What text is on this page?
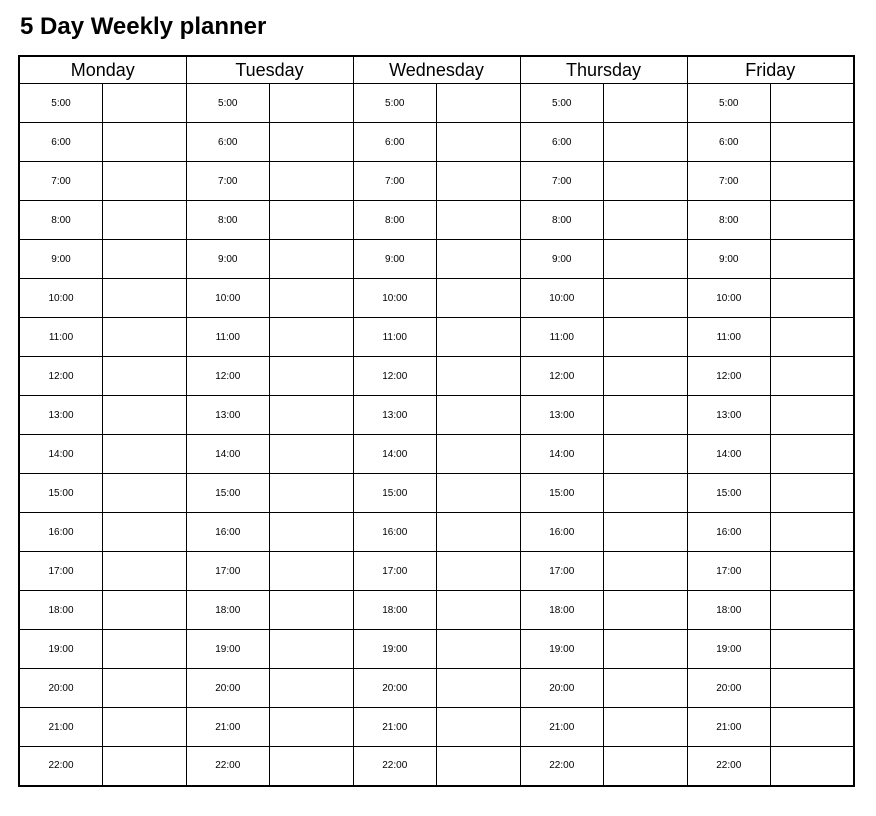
5 Day Weekly planner
Monday		Tuesday		Wednesday		Thursday		Friday	
5:00		5:00		5:00		5:00		5:00	
6:00		6:00		6:00		6:00		6:00	
7:00		7:00		7:00		7:00		7:00	
8:00		8:00		8:00		8:00		8:00	
9:00		9:00		9:00		9:00		9:00	
10:00		10:00		10:00		10:00		10:00	
11:00		11:00		11:00		11:00		11:00	
12:00		12:00		12:00		12:00		12:00	
13:00		13:00		13:00		13:00		13:00	
14:00		14:00		14:00		14:00		14:00	
15:00		15:00		15:00		15:00		15:00	
16:00		16:00		16:00		16:00		16:00	
17:00		17:00		17:00		17:00		17:00	
18:00		18:00		18:00		18:00		18:00	
19:00		19:00		19:00		19:00		19:00	
20:00		20:00		20:00		20:00		20:00	
21:00		21:00		21:00		21:00		21:00	
22:00		22:00		22:00		22:00		22:00	
